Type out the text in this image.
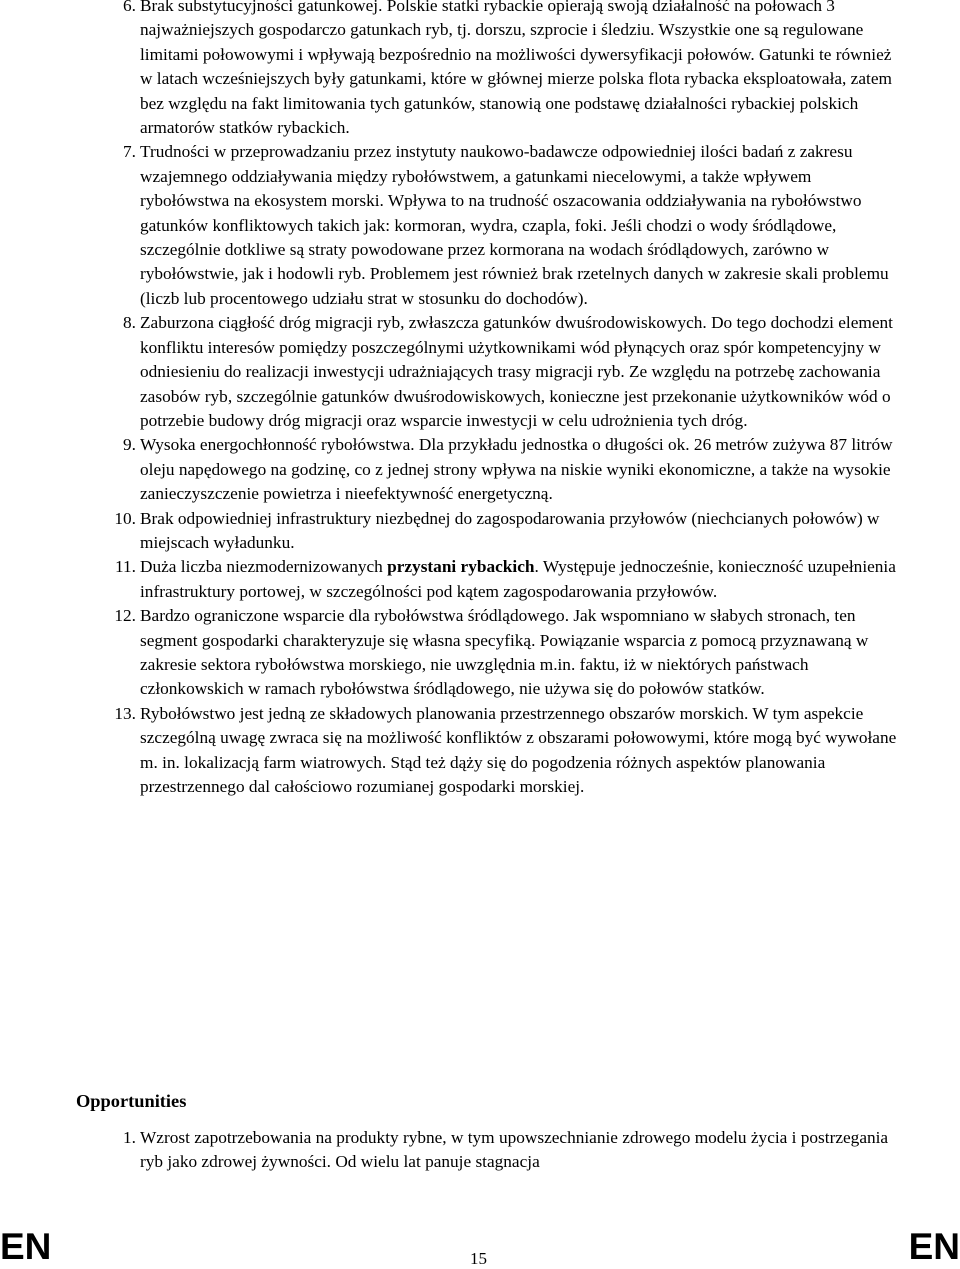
6. Brak substytucyjności gatunkowej. Polskie statki rybackie opierają swoją działalność na połowach 3 najważniejszych gospodarczo gatunkach ryb, tj. dorszu, szprocie i śledziu. Wszystkie one są regulowane limitami połowowymi i wpływają bezpośrednio na możliwości dywersyfikacji połowów. Gatunki te również w latach wcześniejszych były gatunkami, które w głównej mierze polska flota rybacka eksploatowała, zatem bez względu na fakt limitowania tych gatunków, stanowią one podstawę działalności rybackiej polskich armatorów statków rybackich.
7. Trudności w przeprowadzaniu przez instytuty naukowo-badawcze odpowiedniej ilości badań z zakresu wzajemnego oddziaływania między rybołówstwem, a gatunkami niecelowymi, a także wpływem rybołówstwa na ekosystem morski. Wpływa to na trudność oszacowania oddziaływania na rybołówstwo gatunków konfliktowych takich jak: kormoran, wydra, czapla, foki. Jeśli chodzi o wody śródlądowe, szczególnie dotkliwe są straty powodowane przez kormorana na wodach śródlądowych, zarówno w rybołówstwie, jak i hodowli ryb. Problemem jest również brak rzetelnych danych w zakresie skali problemu (liczb lub procentowego udziału strat w stosunku do dochodów).
8. Zaburzona ciągłość dróg migracji ryb, zwłaszcza gatunków dwuśrodowiskowych. Do tego dochodzi element konfliktu interesów pomiędzy poszczególnymi użytkownikami wód płynących oraz spór kompetencyjny w odniesieniu do realizacji inwestycji udrażniających trasy migracji ryb. Ze względu na potrzebę zachowania zasobów ryb, szczególnie gatunków dwuśrodowiskowych, konieczne jest przekonanie użytkowników wód o potrzebie budowy dróg migracji oraz wsparcie inwestycji w celu udrożnienia tych dróg.
9. Wysoka energochłonność rybołówstwa. Dla przykładu jednostka o długości ok. 26 metrów zużywa 87 litrów oleju napędowego na godzinę, co z jednej strony wpływa na niskie wyniki ekonomiczne, a także na wysokie zanieczyszczenie powietrza i nieefektywność energetyczną.
10. Brak odpowiedniej infrastruktury niezbędnej do zagospodarowania przyłowów (niechcianych połowów) w miejscach wyładunku.
11. Duża liczba niezmodernizowanych przystani rybackich. Występuje jednocześnie, konieczność uzupełnienia infrastruktury portowej, w szczególności pod kątem zagospodarowania przyłowów.
12. Bardzo ograniczone wsparcie dla rybołówstwa śródlądowego. Jak wspomniano w słabych stronach, ten segment gospodarki charakteryzuje się własna specyfiką. Powiązanie wsparcia z pomocą przyznawaną w zakresie sektora rybołówstwa morskiego, nie uwzględnia m.in. faktu, iż w niektórych państwach członkowskich w ramach rybołówstwa śródlądowego, nie używa się do połowów statków.
13. Rybołówstwo jest jedną ze składowych planowania przestrzennego obszarów morskich. W tym aspekcie szczególną uwagę zwraca się na możliwość konfliktów z obszarami połowowymi, które mogą być wywołane m. in. lokalizacją farm wiatrowych. Stąd też dąży się do pogodzenia różnych aspektów planowania przestrzennego dal całościowo rozumianej gospodarki morskiej.
Opportunities
1. Wzrost zapotrzebowania na produkty rybne, w tym upowszechnianie zdrowego modelu życia i postrzegania ryb jako zdrowej żywności. Od wielu lat panuje stagnacja
EN	15	EN
